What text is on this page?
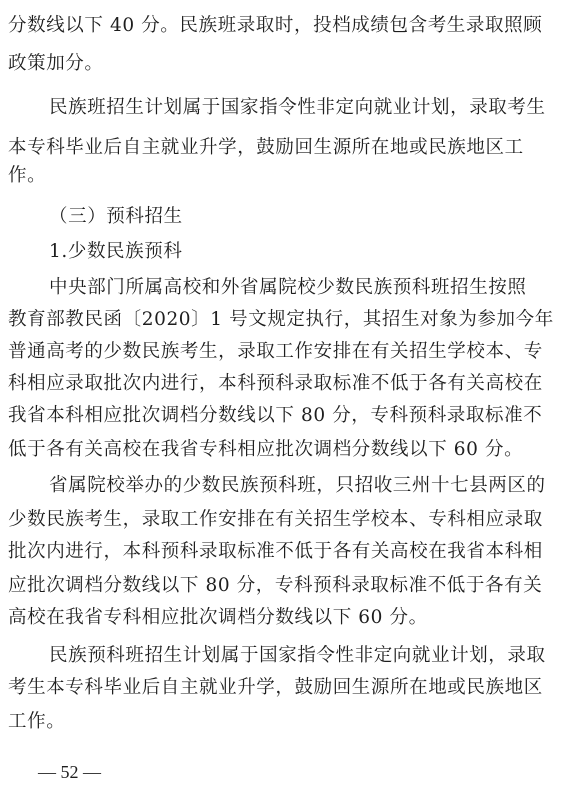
分数线以下 40 分。民族班录取时，投档成绩包含考生录取照顾
政策加分。
民族班招生计划属于国家指令性非定向就业计划，录取考生
本专科毕业后自主就业升学，鼓励回生源所在地或民族地区工
作。
（三）预科招生
1.少数民族预科
中央部门所属高校和外省属院校少数民族预科班招生按照
教育部教民函〔2020〕1 号文规定执行，其招生对象为参加今年
普通高考的少数民族考生，录取工作安排在有关招生学校本、专
科相应录取批次内进行，本科预科录取标准不低于各有关高校在
我省本科相应批次调档分数线以下 80 分，专科预科录取标准不
低于各有关高校在我省专科相应批次调档分数线以下 60 分。
省属院校举办的少数民族预科班，只招收三州十七县两区的
少数民族考生，录取工作安排在有关招生学校本、专科相应录取
批次内进行，本科预科录取标准不低于各有关高校在我省本科相
应批次调档分数线以下 80 分，专科预科录取标准不低于各有关
高校在我省专科相应批次调档分数线以下 60 分。
— 52 —
民族预科班招生计划属于国家指令性非定向就业计划，录取
考生本专科毕业后自主就业升学，鼓励回生源所在地或民族地区
工作。
